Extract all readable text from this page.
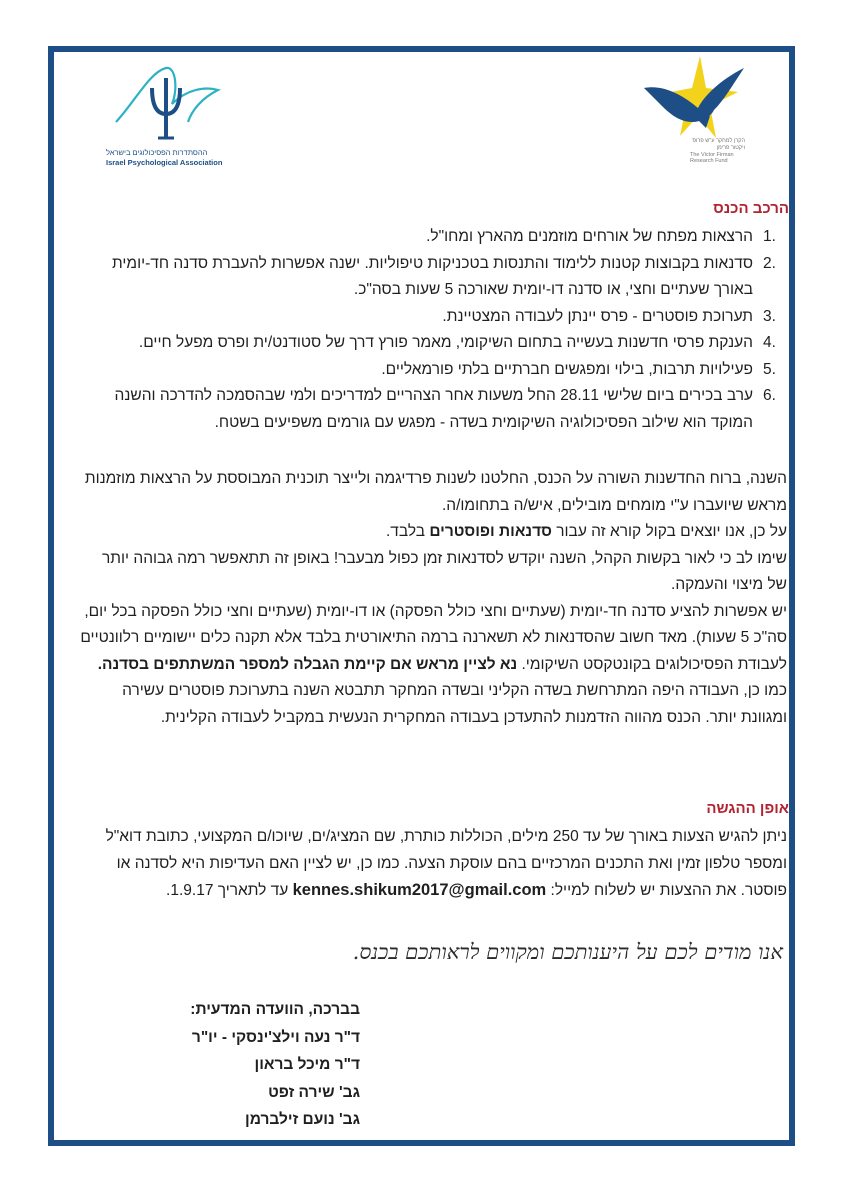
ההסתדרות הפסיכולוגים בישראל
Israel Psychological Association
הקרן למחקר ע"ש פרופ' ויקטור פרימן
The Victor Firman Research Fund
הרכב הכנס
1.
הרצאות מפתח של אורחים מוזמנים מהארץ ומחו"ל.
2.
סדנאות בקבוצות קטנות ללימוד והתנסות בטכניקות טיפוליות. ישנה אפשרות להעברת סדנה חד-יומית באורך שעתיים וחצי, או סדנה דו-יומית שאורכה 5 שעות בסה"כ.
3.
תערוכת פוסטרים - פרס יינתן לעבודה המצטיינת.
4.
הענקת פרסי חדשנות בעשייה בתחום השיקומי, מאמר פורץ דרך של סטודנט/ית ופרס מפעל חיים.
5.
פעילויות תרבות, בילוי ומפגשים חברתיים בלתי פורמאליים.
6.
ערב בכירים ביום שלישי 28.11 החל משעות אחר הצהריים למדריכים ולמי שבהסמכה להדרכה והשנה המוקד הוא שילוב הפסיכולוגיה השיקומית בשדה - מפגש עם גורמים משפיעים בשטח.

השנה, ברוח החדשנות השורה על הכנס, החלטנו לשנות פרדיגמה ולייצר תוכנית המבוססת על הרצאות מוזמנות מראש שיועברו ע"י מומחים מובילים, איש/ה בתחומו/ה.

על כן, אנו יוצאים בקול קורא זה עבור סדנאות ופוסטרים בלבד.

שימו לב כי לאור בקשות הקהל, השנה יוקדש לסדנאות זמן כפול מבעבר! באופן זה תתאפשר רמה גבוהה יותר של מיצוי והעמקה.

יש אפשרות להציע סדנה חד-יומית (שעתיים וחצי כולל הפסקה) או דו-יומית (שעתיים וחצי כולל הפסקה בכל יום, סה"כ 5 שעות). מאד חשוב שהסדנאות לא תשארנה ברמה התיאורטית בלבד אלא תקנה כלים יישומיים רלוונטיים לעבודת הפסיכולוגים בקונטקסט השיקומי. נא לציין מראש אם קיימת הגבלה למספר המשתתפים בסדנה.

כמו כן, העבודה היפה המתרחשת בשדה הקליני ובשדה המחקר תתבטא השנה בתערוכת פוסטרים עשירה ומגוונת יותר. הכנס מהווה הזדמנות להתעדכן בעבודה המחקרית הנעשית במקביל לעבודה הקלינית.

אופן ההגשה

ניתן להגיש הצעות באורך של עד 250 מילים, הכוללות כותרת, שם המציג/ים, שיוכו/ם המקצועי, כתובת דוא"ל ומספר טלפון זמין ואת התכנים המרכזיים בהם עוסקת הצעה. כמו כן, יש לציין האם העדיפות היא לסדנה או פוסטר. את ההצעות יש לשלוח למייל: kennes.shikum2017@gmail.com עד לתאריך 1.9.17.

אנו מודים לכם על היענותכם ומקווים לראותכם בכנס.
בברכה, הוועדה המדעית:
ד"ר נעה וילצ'ינסקי - יו"ר
ד"ר מיכל בראון
גב' שירה זפט
גב' נועם זילברמן
